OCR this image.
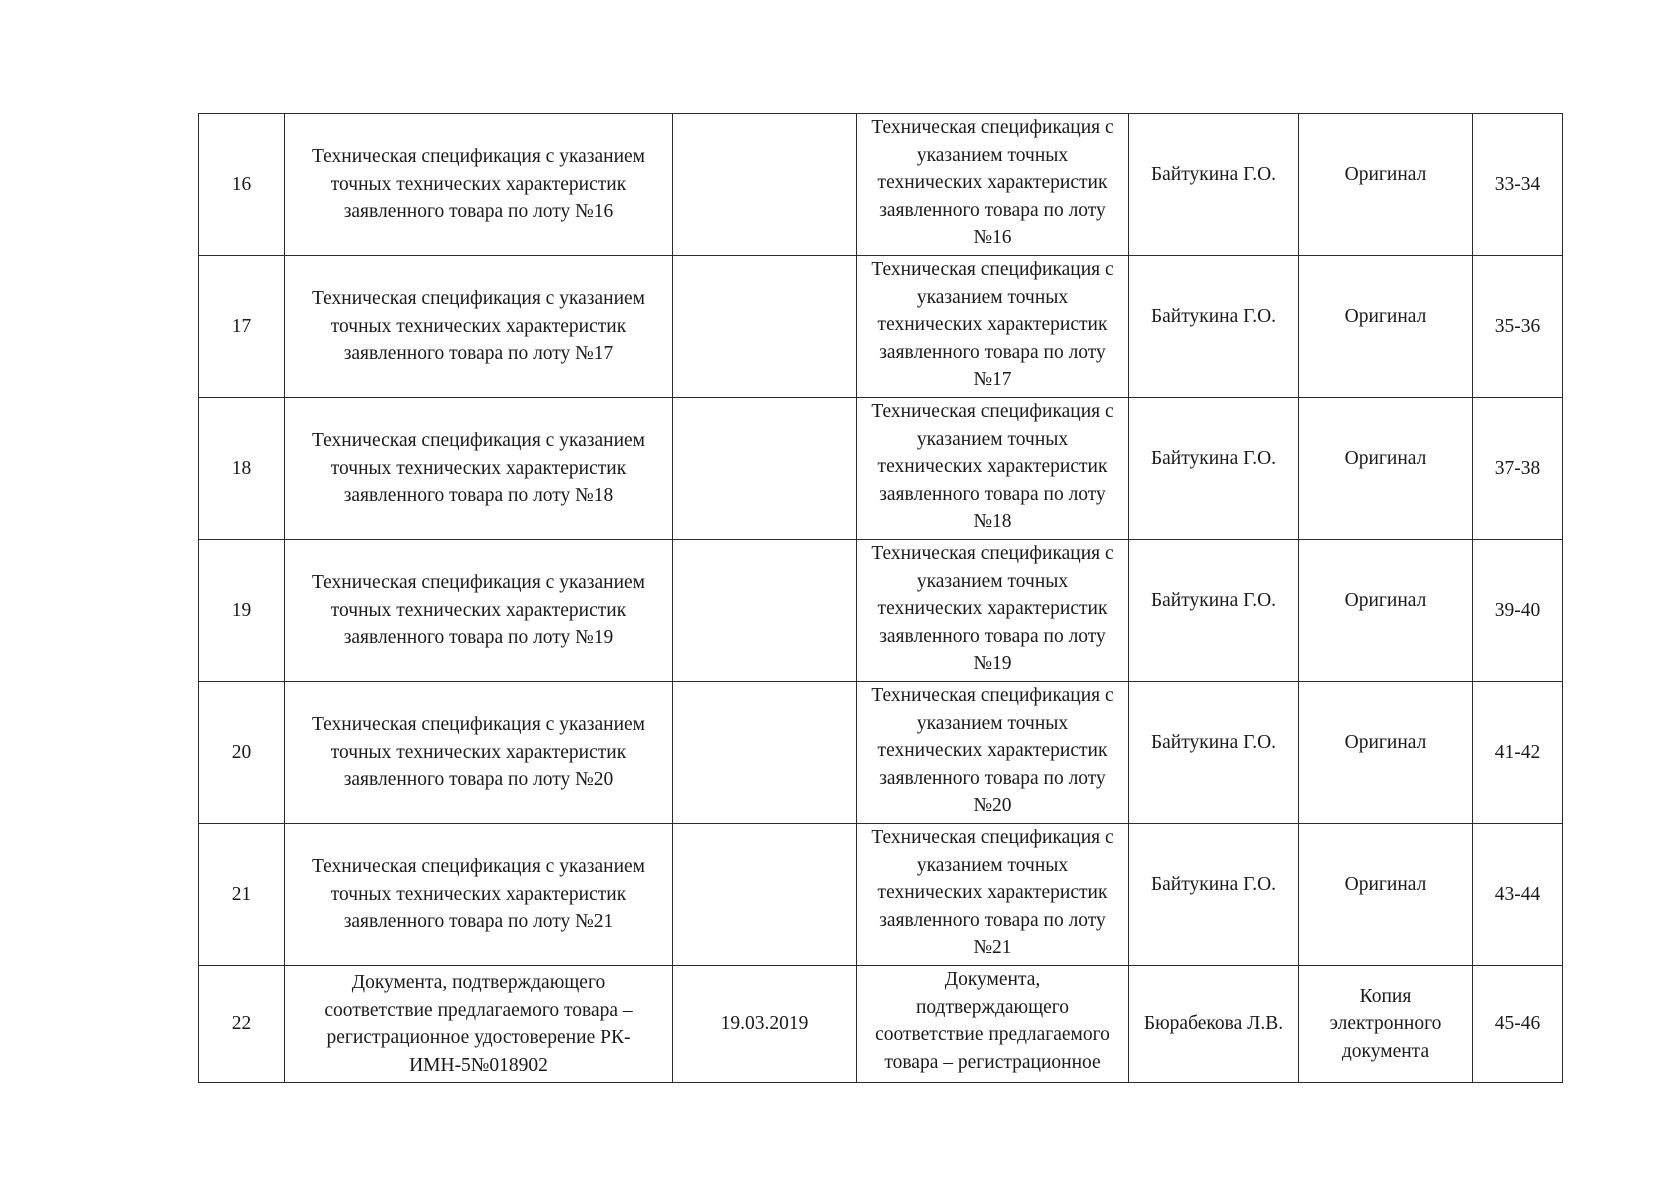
16	Техническая спецификация с указанием
точных технических характеристик
заявленного товара по лоту №16		Техническая спецификация с
указанием точных
технических характеристик
заявленного товара по лоту
№16	Байтукина Г.О.	Оригинал	33-34
17	Техническая спецификация с указанием
точных технических характеристик
заявленного товара по лоту №17		Техническая спецификация с
указанием точных
технических характеристик
заявленного товара по лоту
№17	Байтукина Г.О.	Оригинал	35-36
18	Техническая спецификация с указанием
точных технических характеристик
заявленного товара по лоту №18		Техническая спецификация с
указанием точных
технических характеристик
заявленного товара по лоту
№18	Байтукина Г.О.	Оригинал	37-38
19	Техническая спецификация с указанием
точных технических характеристик
заявленного товара по лоту №19		Техническая спецификация с
указанием точных
технических характеристик
заявленного товара по лоту
№19	Байтукина Г.О.	Оригинал	39-40
20	Техническая спецификация с указанием
точных технических характеристик
заявленного товара по лоту №20		Техническая спецификация с
указанием точных
технических характеристик
заявленного товара по лоту
№20	Байтукина Г.О.	Оригинал	41-42
21	Техническая спецификация с указанием
точных технических характеристик
заявленного товара по лоту №21		Техническая спецификация с
указанием точных
технических характеристик
заявленного товара по лоту
№21	Байтукина Г.О.	Оригинал	43-44
22	Документа, подтверждающего
соответствие предлагаемого товара –
регистрационное удостоверение РК-
ИМН-5№018902	19.03.2019	Документа,
подтверждающего
соответствие предлагаемого
товара – регистрационное	Бюрабекова Л.В.	Копия
электронного
документа	45-46
